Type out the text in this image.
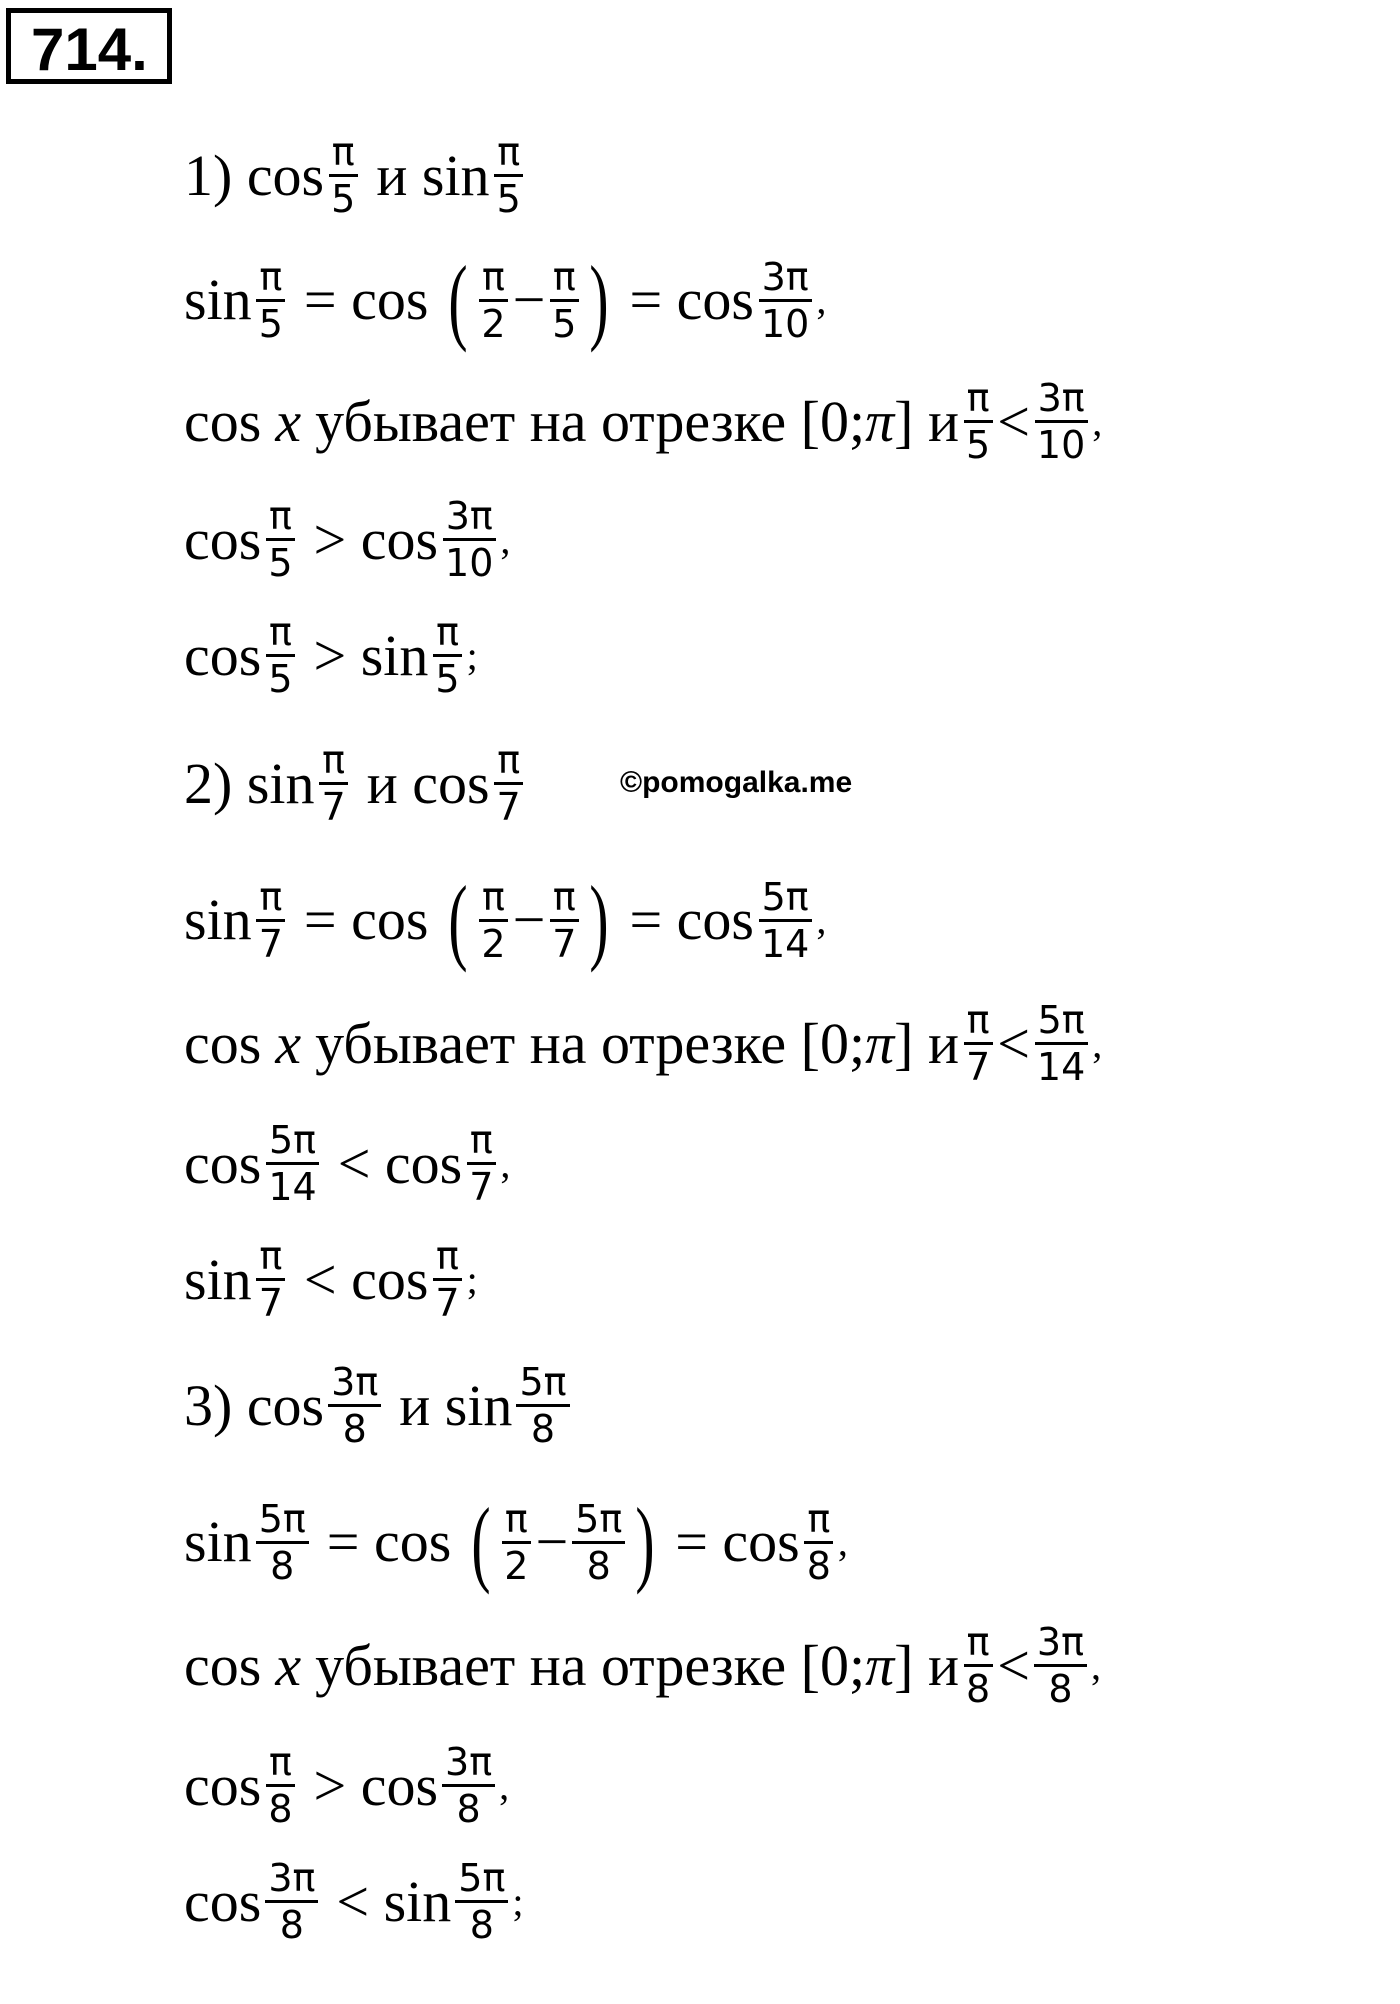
714.
1) $\cos \frac{\pi}{5}$ и $\sin \frac{\pi}{5}$
$\sin \frac{\pi}{5} = \cos$ ( $\frac{\pi}{2} - \frac{\pi}{5}$ ) = $\cos \frac{3\pi}{10}$ ,
cos x убывает на отрезке [0; π ] и $\frac{\pi}{5} < \frac{3\pi}{10}$ ,
$\cos \frac{\pi}{5} > \cos \frac{3\pi}{10}$ ,
$\cos \frac{\pi}{5} > \sin \frac{\pi}{5}$ ;
2) $\sin \frac{\pi}{7}$ и $\cos \frac{\pi}{7}$	©pomogalka.me
$\sin \frac{\pi}{7} = \cos$ ( $\frac{\pi}{2} - \frac{\pi}{7}$ ) = $\cos \frac{5\pi}{14}$ ,
cos x убывает на отрезке [0; π ] и $\frac{\pi}{7} < \frac{5\pi}{14}$ ,
$\cos \frac{5\pi}{14} < \cos \frac{\pi}{7}$ ,
$\sin \frac{\pi}{7} < \cos \frac{\pi}{7}$ ;
3) $\cos \frac{3\pi}{8}$ и $\sin \frac{5\pi}{8}$
$\sin \frac{5\pi}{8} = \cos$ ( $\frac{\pi}{2} - \frac{5\pi}{8}$ ) = $\cos \frac{\pi}{8}$ ,
cos x убывает на отрезке [0; π ] и $\frac{\pi}{8} < \frac{3\pi}{8}$ ,
$\cos \frac{\pi}{8} > \cos \frac{3\pi}{8}$ ,
$\cos \frac{3\pi}{8} < \sin \frac{5\pi}{8}$ ;
